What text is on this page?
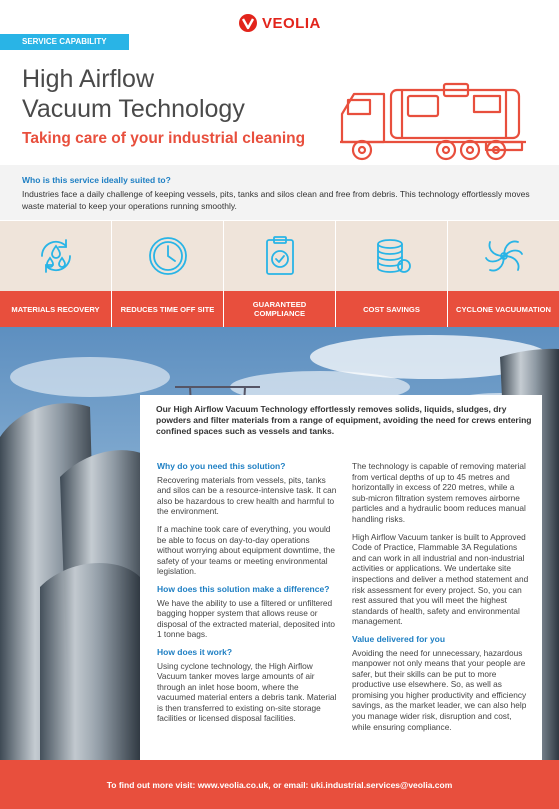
VEOLIA
SERVICE CAPABILITY
High Airflow
Vacuum Technology
Taking care of your industrial cleaning
Who is this service ideally suited to?
Industries face a daily challenge of keeping vessels, pits, tanks and silos clean and free from debris. This technology effortlessly moves waste material to keep your operations running smoothly.
MATERIALS RECOVERY	REDUCES TIME OFF SITE	GUARANTEED COMPLIANCE	COST SAVINGS	CYCLONE VACUUMATION
Our High Airflow Vacuum Technology effortlessly removes solids, liquids, sludges, dry powders and filter materials from a range of equipment, avoiding the need for crews entering confined spaces such as vessels and tanks.
Why do you need this solution?

Recovering materials from vessels, pits, tanks and silos can be a resource-intensive task. It can also be hazardous to crew health and harmful to the environment.

If a machine took care of everything, you would be able to focus on day-to-day operations without worrying about equipment downtime, the safety of your teams or meeting environmental legislation.

How does this solution make a difference?

We have the ability to use a filtered or unfiltered bagging hopper system that allows reuse or disposal of the extracted material, deposited into 1 tonne bags.

How does it work?

Using cyclone technology, the High Airflow Vacuum tanker moves large amounts of air through an inlet hose boom, where the vacuumed material enters a debris tank. Material is then transferred to existing on-site storage facilities or licensed disposal facilities.

The technology is capable of removing material from vertical depths of up to 45 metres and horizontally in excess of 220 metres, while a sub-micron filtration system removes airborne particles and a hydraulic boom reduces manual handling risks.

High Airflow Vacuum tanker is built to Approved Code of Practice, Flammable 3A Regulations and can work in all industrial and non-industrial activities or applications. We undertake site inspections and deliver a method statement and risk assessment for every project. So, you can rest assured that you will meet the highest standards of health, safety and environmental management.

Value delivered for you

Avoiding the need for unnecessary, hazardous manpower not only means that your people are safer, but their skills can be put to more productive use elsewhere. So, as well as promising you higher productivity and efficiency savings, as the market leader, we can also help you manage wider risk, disruption and cost, while ensuring compliance.

To find out more visit: www.veolia.co.uk, or email: uki.industrial.services@veolia.com
